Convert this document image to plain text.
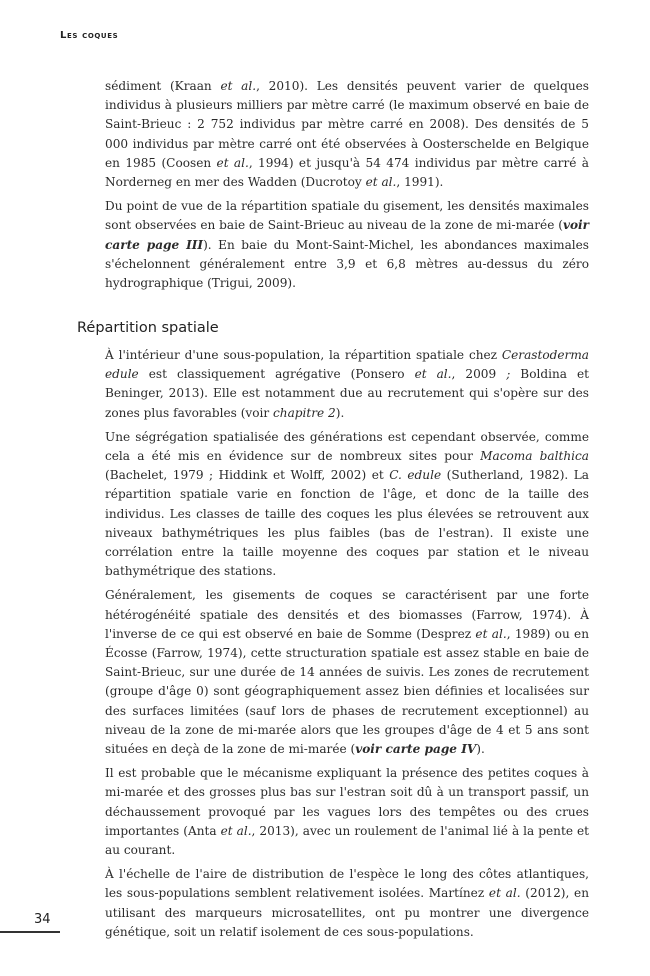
Les coques

sédiment (Kraan et al., 2010). Les densités peuvent varier de quelques individus à plusieurs milliers par mètre carré (le maximum observé en baie de Saint-Brieuc : 2 752 individus par mètre carré en 2008). Des densités de 5 000 individus par mètre carré ont été observées à Oosterschelde en Belgique en 1985 (Coosen et al., 1994) et jusqu'à 54 474 individus par mètre carré à Norderneg en mer des Wadden (Ducrotoy et al., 1991).

Du point de vue de la répartition spatiale du gisement, les densités maximales sont observées en baie de Saint-Brieuc au niveau de la zone de mi-marée (voir carte page III). En baie du Mont-Saint-Michel, les abondances maximales s'échelonnent généralement entre 3,9 et 6,8 mètres au-dessus du zéro hydrographique (Trigui, 2009).

Répartition spatiale

À l'intérieur d'une sous-population, la répartition spatiale chez Cerastoderma edule est classiquement agrégative (Ponsero et al., 2009 ; Boldina et Beninger, 2013). Elle est notamment due au recrutement qui s'opère sur des zones plus favorables (voir chapitre 2).

Une ségrégation spatialisée des générations est cependant observée, comme cela a été mis en évidence sur de nombreux sites pour Macoma balthica (Bachelet, 1979 ; Hiddink et Wolff, 2002) et C. edule (Sutherland, 1982). La répartition spatiale varie en fonction de l'âge, et donc de la taille des individus. Les classes de taille des coques les plus élevées se retrouvent aux niveaux bathymétriques les plus faibles (bas de l'estran). Il existe une corrélation entre la taille moyenne des coques par station et le niveau bathymétrique des stations.

Généralement, les gisements de coques se caractérisent par une forte hétérogénéité spatiale des densités et des biomasses (Farrow, 1974). À l'inverse de ce qui est observé en baie de Somme (Desprez et al., 1989) ou en Écosse (Farrow, 1974), cette structuration spatiale est assez stable en baie de Saint-Brieuc, sur une durée de 14 années de suivis. Les zones de recrutement (groupe d'âge 0) sont géographiquement assez bien définies et localisées sur des surfaces limitées (sauf lors de phases de recrutement exceptionnel) au niveau de la zone de mi-marée alors que les groupes d'âge de 4 et 5 ans sont situées en deçà de la zone de mi-marée (voir carte page IV).

Il est probable que le mécanisme expliquant la présence des petites coques à mi-marée et des grosses plus bas sur l'estran soit dû à un transport passif, un déchaussement provoqué par les vagues lors des tempêtes ou des crues importantes (Anta et al., 2013), avec un roulement de l'animal lié à la pente et au courant.

À l'échelle de l'aire de distribution de l'espèce le long des côtes atlantiques, les sous-populations semblent relativement isolées. Martínez et al. (2012), en utilisant des marqueurs microsatellites, ont pu montrer une divergence génétique, soit un relatif isolement de ces sous-populations.

34
